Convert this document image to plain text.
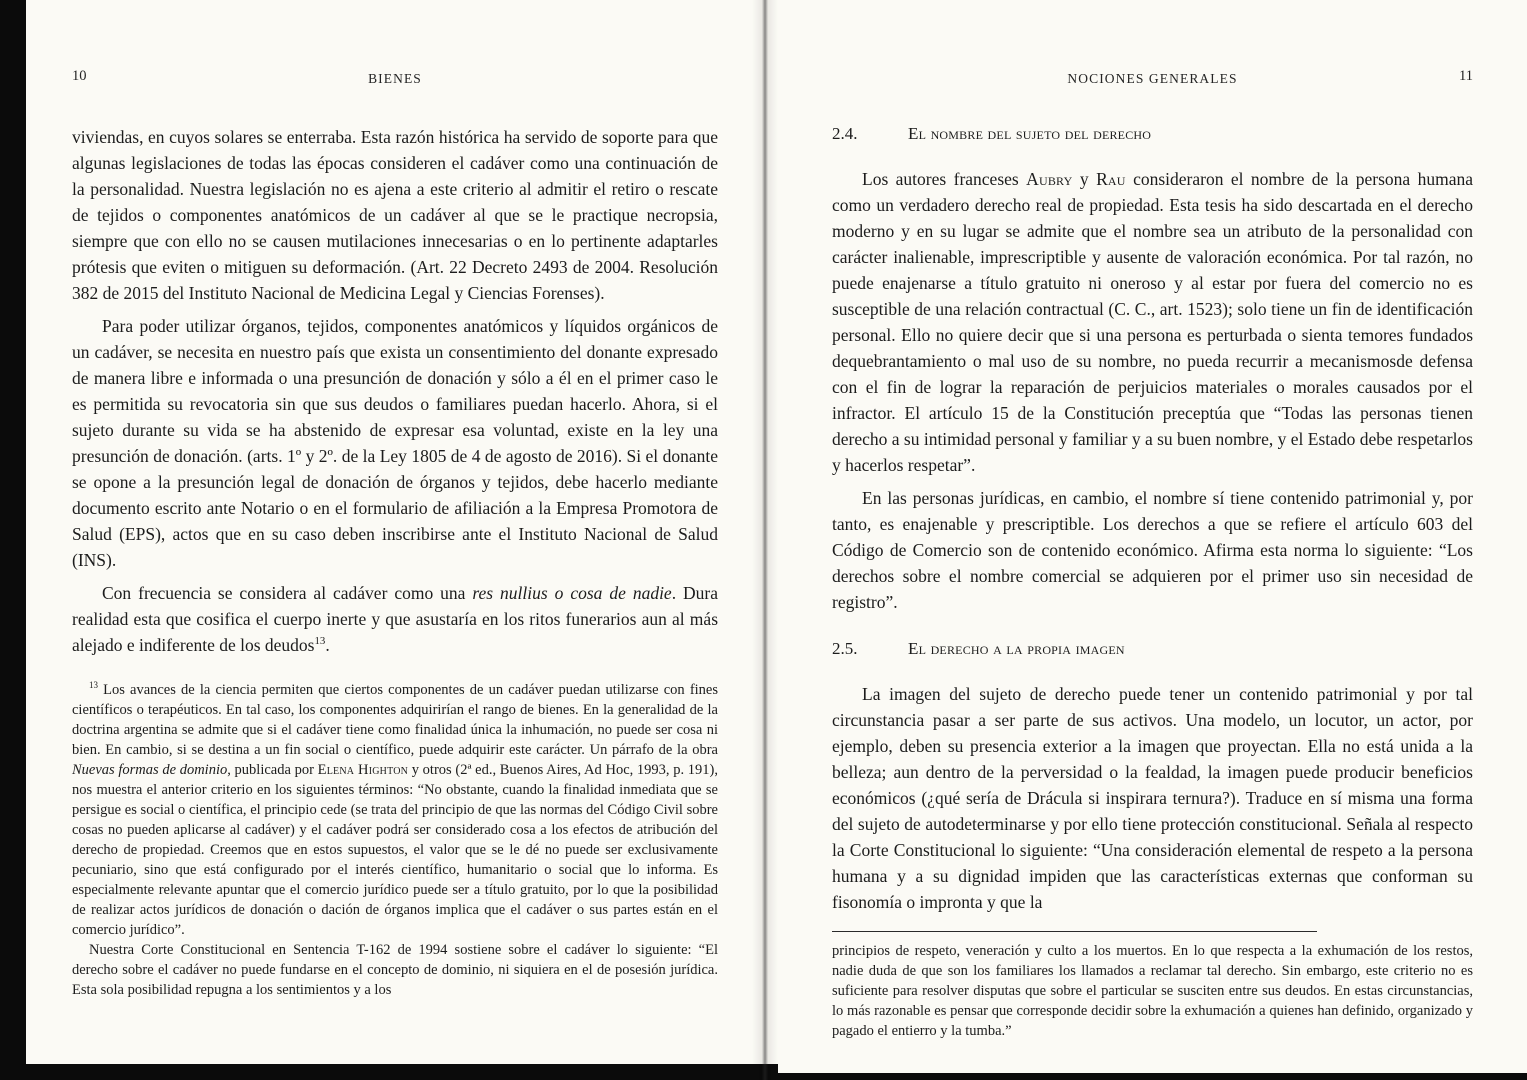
10	BIENES

viviendas, en cuyos solares se enterraba. Esta razón histórica ha servido de soporte para que algunas legislaciones de todas las épocas consideren el cadáver como una continuación de la personalidad. Nuestra legislación no es ajena a este criterio al admitir el retiro o rescate de tejidos o componentes anatómicos de un cadáver al que se le practique necropsia, siempre que con ello no se causen mutilaciones innecesarias o en lo pertinente adaptarles prótesis que eviten o mitiguen su deformación. (Art. 22 Decreto 2493 de 2004. Resolución 382 de 2015 del Instituto Nacional de Medicina Legal y Ciencias Forenses).

Para poder utilizar órganos, tejidos, componentes anatómicos y líquidos orgánicos de un cadáver, se necesita en nuestro país que exista un consentimiento del donante expresado de manera libre e informada o una presunción de donación y sólo a él en el primer caso le es permitida su revocatoria sin que sus deudos o familiares puedan hacerlo. Ahora, si el sujeto durante su vida se ha abstenido de expresar esa voluntad, existe en la ley una presunción de donación. (arts. 1º y 2º. de la Ley 1805 de 4 de agosto de 2016). Si el donante se opone a la presunción legal de donación de órganos y tejidos, debe hacerlo mediante documento escrito ante Notario o en el formulario de afiliación a la Empresa Promotora de Salud (EPS), actos que en su caso deben inscribirse ante el Instituto Nacional de Salud (INS).

Con frecuencia se considera al cadáver como una res nullius o cosa de nadie. Dura realidad esta que cosifica el cuerpo inerte y que asustaría en los ritos funerarios aun al más alejado e indiferente de los deudos$^{13}$.

$^{13}$ Los avances de la ciencia permiten que ciertos componentes de un cadáver puedan utilizarse con fines científicos o terapéuticos. En tal caso, los componentes adquirirían el rango de bienes. En la generalidad de la doctrina argentina se admite que si el cadáver tiene como finalidad única la inhumación, no puede ser cosa ni bien. En cambio, si se destina a un fin social o científico, puede adquirir este carácter. Un párrafo de la obra Nuevas formas de dominio, publicada por Elena Highton y otros (2ª ed., Buenos Aires, Ad Hoc, 1993, p. 191), nos muestra el anterior criterio en los siguientes términos: “No obstante, cuando la finalidad inmediata que se persigue es social o científica, el principio cede (se trata del principio de que las normas del Código Civil sobre cosas no pueden aplicarse al cadáver) y el cadáver podrá ser considerado cosa a los efectos de atribución del derecho de propiedad. Creemos que en estos supuestos, el valor que se le dé no puede ser exclusivamente pecuniario, sino que está configurado por el interés científico, humanitario o social que lo informa. Es especialmente relevante apuntar que el comercio jurídico puede ser a título gratuito, por lo que la posibilidad de realizar actos jurídicos de donación o dación de órganos implica que el cadáver o sus partes están en el comercio jurídico”.

Nuestra Corte Constitucional en Sentencia T-162 de 1994 sostiene sobre el cadáver lo siguiente: “El derecho sobre el cadáver no puede fundarse en el concepto de dominio, ni siquiera en el de posesión jurídica. Esta sola posibilidad repugna a los sentimientos y a los

NOCIONES GENERALES	11
2.4.	El nombre del sujeto del derecho

Los autores franceses Aubry y Rau consideraron el nombre de la persona humana como un verdadero derecho real de propiedad. Esta tesis ha sido descartada en el derecho moderno y en su lugar se admite que el nombre sea un atributo de la personalidad con carácter inalienable, imprescriptible y ausente de valoración económica. Por tal razón, no puede enajenarse a título gratuito ni oneroso y al estar por fuera del comercio no es susceptible de una relación contractual (C. C., art. 1523); solo tiene un fin de identificación personal. Ello no quiere decir que si una persona es perturbada o sienta temores fundados dequebrantamiento o mal uso de su nombre, no pueda recurrir a mecanismosde defensa con el fin de lograr la reparación de perjuicios materiales o morales causados por el infractor. El artículo 15 de la Constitución preceptúa que “Todas las personas tienen derecho a su intimidad personal y familiar y a su buen nombre, y el Estado debe respetarlos y hacerlos respetar”.

En las personas jurídicas, en cambio, el nombre sí tiene contenido patrimonial y, por tanto, es enajenable y prescriptible. Los derechos a que se refiere el artículo 603 del Código de Comercio son de contenido económico. Afirma esta norma lo siguiente: “Los derechos sobre el nombre comercial se adquieren por el primer uso sin necesidad de registro”.

2.5.	El derecho a la propia imagen

La imagen del sujeto de derecho puede tener un contenido patrimonial y por tal circunstancia pasar a ser parte de sus activos. Una modelo, un locutor, un actor, por ejemplo, deben su presencia exterior a la imagen que proyectan. Ella no está unida a la belleza; aun dentro de la perversidad o la fealdad, la imagen puede producir beneficios económicos (¿qué sería de Drácula si inspirara ternura?). Traduce en sí misma una forma del sujeto de autodeterminarse y por ello tiene protección constitucional. Señala al respecto la Corte Constitucional lo siguiente: “Una consideración elemental de respeto a la persona humana y a su dignidad impiden que las características externas que conforman su fisonomía o impronta y que la

principios de respeto, veneración y culto a los muertos. En lo que respecta a la exhumación de los restos, nadie duda de que son los familiares los llamados a reclamar tal derecho. Sin embargo, este criterio no es suficiente para resolver disputas que sobre el particular se susciten entre sus deudos. En estas circunstancias, lo más razonable es pensar que corresponde decidir sobre la exhumación a quienes han definido, organizado y pagado el entierro y la tumba.”
